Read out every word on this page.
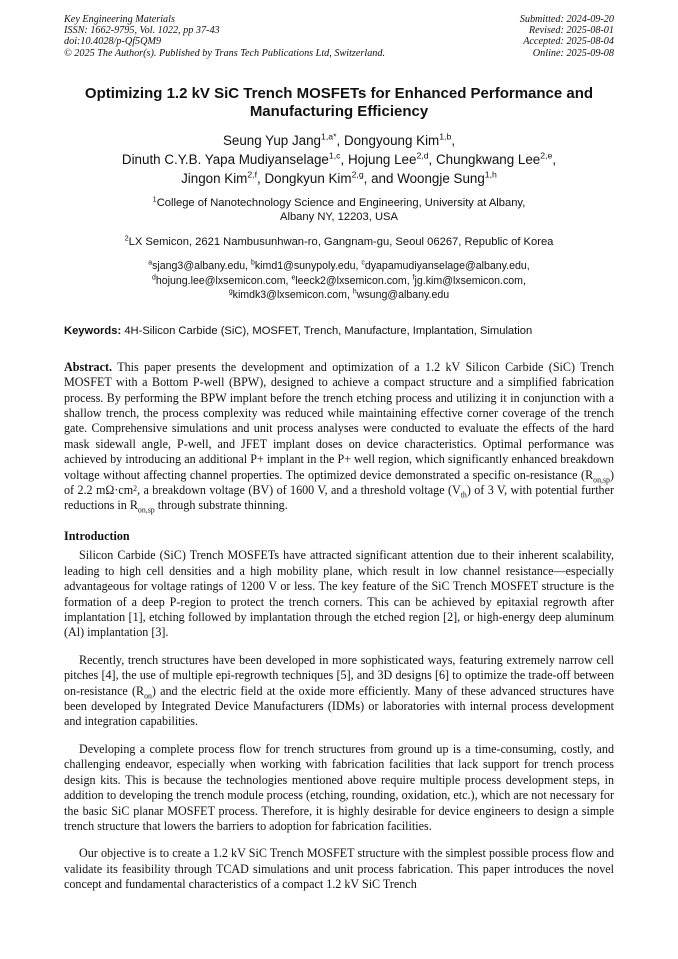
Key Engineering Materials
ISSN: 1662-9795, Vol. 1022, pp 37-43
doi:10.4028/p-Qf5QM9
© 2025 The Author(s). Published by Trans Tech Publications Ltd, Switzerland.
Submitted: 2024-09-20
Revised: 2025-08-01
Accepted: 2025-08-04
Online: 2025-09-08
Optimizing 1.2 kV SiC Trench MOSFETs for Enhanced Performance and
Manufacturing Efficiency
Seung Yup Jang$^{1,a*}$, Dongyoung Kim$^{1,b}$,
Dinuth C.Y.B. Yapa Mudiyanselage$^{1,c}$, Hojung Lee$^{2,d}$, Chungkwang Lee$^{2,e}$,
Jingon Kim$^{2,f}$, Dongkyun Kim$^{2,g}$, and Woongje Sung$^{1,h}$
$^1$College of Nanotechnology Science and Engineering, University at Albany,
Albany NY, 12203, USA
$^2$LX Semicon, 2621 Nambusunhwan-ro, Gangnam-gu, Seoul 06267, Republic of Korea
$^a$sjang3@albany.edu, $^b$kimd1@sunypoly.edu, $^c$dyapamudiyanselage@albany.edu,
$^d$hojung.lee@lxsemicon.com, $^e$leeck2@lxsemicon.com, $^f$jg.kim@lxsemicon.com,
$^g$kimdk3@lxsemicon.com, $^h$wsung@albany.edu
Keywords: 4H-Silicon Carbide (SiC), MOSFET, Trench, Manufacture, Implantation, Simulation
Abstract. This paper presents the development and optimization of a 1.2 kV Silicon Carbide (SiC) Trench MOSFET with a Bottom P-well (BPW), designed to achieve a compact structure and a simplified fabrication process. By performing the BPW implant before the trench etching process and utilizing it in conjunction with a shallow trench, the process complexity was reduced while maintaining effective corner coverage of the trench gate. Comprehensive simulations and unit process analyses were conducted to evaluate the effects of the hard mask sidewall angle, P-well, and JFET implant doses on device characteristics. Optimal performance was achieved by introducing an additional P+ implant in the P+ well region, which significantly enhanced breakdown voltage without affecting channel properties. The optimized device demonstrated a specific on-resistance $(R_{on,sp})$ of 2.2 $m\Omega\cdot cm^2$, a breakdown voltage (BV) of 1600 V, and a threshold voltage $(V_{th})$ of 3 V, with potential further reductions in $R_{on,sp}$ through substrate thinning.
Introduction

Silicon Carbide (SiC) Trench MOSFETs have attracted significant attention due to their inherent scalability, leading to high cell densities and a high mobility plane, which result in low channel resistance—especially advantageous for voltage ratings of 1200 V or less. The key feature of the SiC Trench MOSFET structure is the formation of a deep P-region to protect the trench corners. This can be achieved by epitaxial regrowth after implantation [1], etching followed by implantation through the etched region [2], or high-energy deep aluminum (Al) implantation [3].

Recently, trench structures have been developed in more sophisticated ways, featuring extremely narrow cell pitches [4], the use of multiple epi-regrowth techniques [5], and 3D designs [6] to optimize the trade-off between on-resistance $(R_{on})$ and the electric field at the oxide more efficiently. Many of these advanced structures have been developed by Integrated Device Manufacturers (IDMs) or laboratories with internal process development and integration capabilities.

Developing a complete process flow for trench structures from ground up is a time-consuming, costly, and challenging endeavor, especially when working with fabrication facilities that lack support for trench process design kits. This is because the technologies mentioned above require multiple process development steps, in addition to developing the trench module process (etching, rounding, oxidation, etc.), which are not necessary for the basic SiC planar MOSFET process. Therefore, it is highly desirable for device engineers to design a simple trench structure that lowers the barriers to adoption for fabrication facilities.

Our objective is to create a 1.2 kV SiC Trench MOSFET structure with the simplest possible process flow and validate its feasibility through TCAD simulations and unit process fabrication. This paper introduces the novel concept and fundamental characteristics of a compact 1.2 kV SiC Trench
